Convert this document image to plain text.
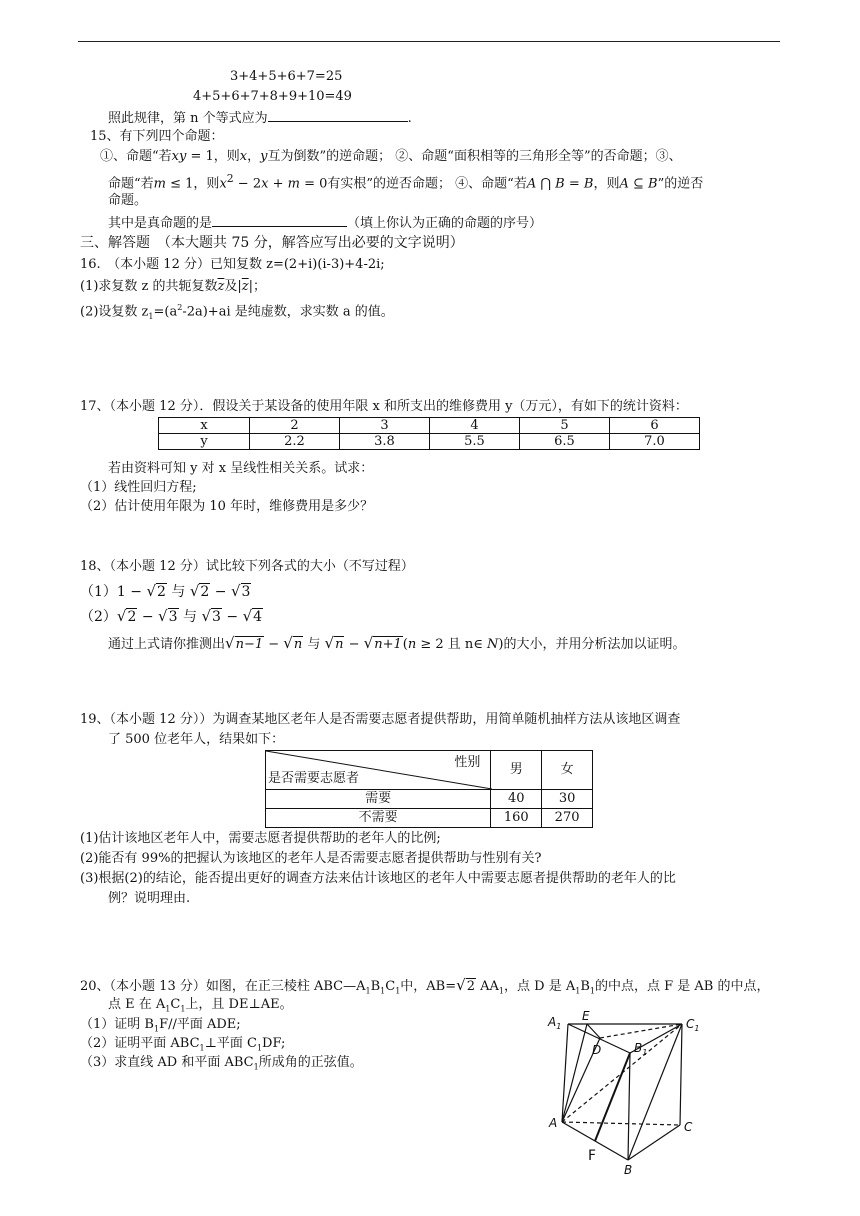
3+4+5+6+7=25
4+5+6+7+8+9+10=49
照此规律，第 n 个等式应为	.
15、有下列四个命题：
①、命题“若xy = 1，则x，y互为倒数”的逆命题； ②、命题“面积相等的三角形全等”的否命题；③、
命题“若m ≤ 1，则$x^2 - 2x + m = 0$有实根”的逆否命题； ④、命题“若A ⋂ B = B，则A ⊆ B”的逆否
命题。
其中是真命题的是	（填上你认为正确的命题的序号）
三、解答题　（本大题共 75 分，解答应写出必要的文字说明）
16.　（本小题 12 分）已知复数 z=(2+i)(i-3)+4-2i;
(1)求复数 z 的共轭复数$\overline{z}$及$|\overline{z}|$；
(2)设复数 $z_1=(a^2-2a)+ai$ 是纯虚数，求实数 a 的值。
17、（本小题 12 分）．假设关于某设备的使用年限 x 和所支出的维修费用 y（万元），有如下的统计资料：
x	2	3	4	5	6
y	2.2	3.8	5.5	6.5	7.0
若由资料可知 y 对 x 呈线性相关关系。试求：
（1）线性回归方程;
（2）估计使用年限为 10 年时，维修费用是多少？
18、（本小题 12 分）试比较下列各式的大小（不写过程）
（1）1 − √2 与 √2 − √3
（2）√2 − √3 与 √3 − √4
通过上式请你推测出√n−1 − √n 与 √n − √n+1(n ≥ 2 且 n∈ N)的大小，并用分析法加以证明。
19、（本小题 12 分））为调查某地区老年人是否需要志愿者提供帮助，用简单随机抽样方法从该地区调查
了 500 位老年人，结果如下：
性别
是否需要志愿者	男	女
需要	40	30
不需要	160	270
(1)估计该地区老年人中，需要志愿者提供帮助的老年人的比例;
(2)能否有 99%的把握认为该地区的老年人是否需要志愿者提供帮助与性别有关?
(3)根据(2)的结论，能否提出更好的调查方法来估计该地区的老年人中需要志愿者提供帮助的老年人的比
例？说明理由.
20、（本小题 13 分）如图，在正三棱柱 $ABC—A_1B_1C_1$中，AB=√2 $AA_1$，点 D 是 $A_1B_1$的中点，点 F 是 AB 的中点，
点 E 在 $A_1C_1$上，且 DE⊥AE。
（1）证明 $B_1F//$平面 ADE;
（2）证明平面 $ABC_1\perp$平面 $C_1DF$;
（3）求直线 AD 和平面 $ABC_1$所成角的正弦值。
$A_1$
E
$C_1$
D	$B_1$
A	C
F
B
